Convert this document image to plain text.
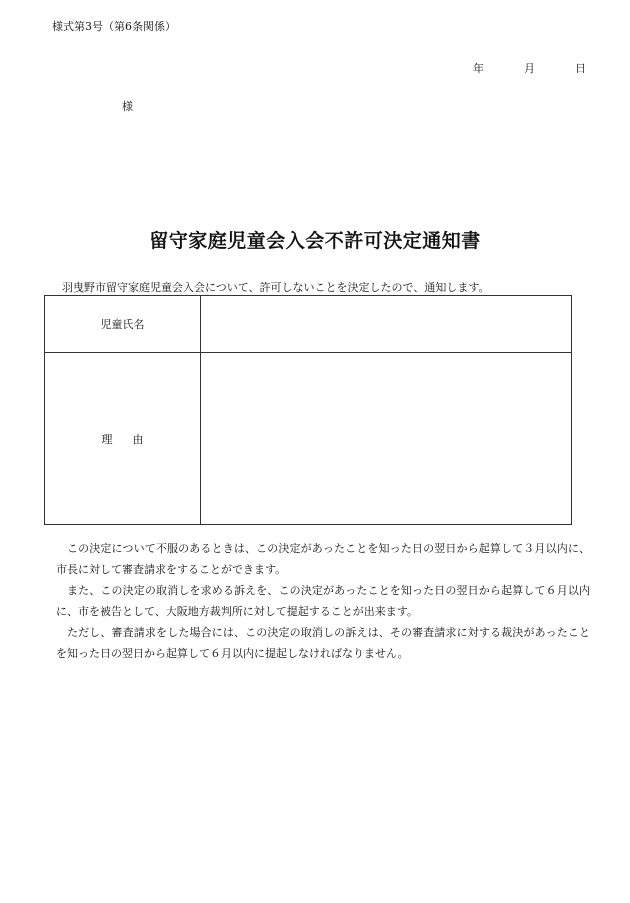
様式第3号（第6条関係）
年	月	日
様
留守家庭児童会入会不許可決定通知書
羽曳野市留守家庭児童会入会について、許可しないことを決定したので、通知します。
児童氏名	
理由	

この決定について不服のあるときは、この決定があったことを知った日の翌日から起算して３月以内に、市長に対して審査請求をすることができます。

また、この決定の取消しを求める訴えを、この決定があったことを知った日の翌日から起算して６月以内に、市を被告として、大阪地方裁判所に対して提起することが出来ます。

ただし、審査請求をした場合には、この決定の取消しの訴えは、その審査請求に対する裁決があったことを知った日の翌日から起算して６月以内に提起しなければなりません。
